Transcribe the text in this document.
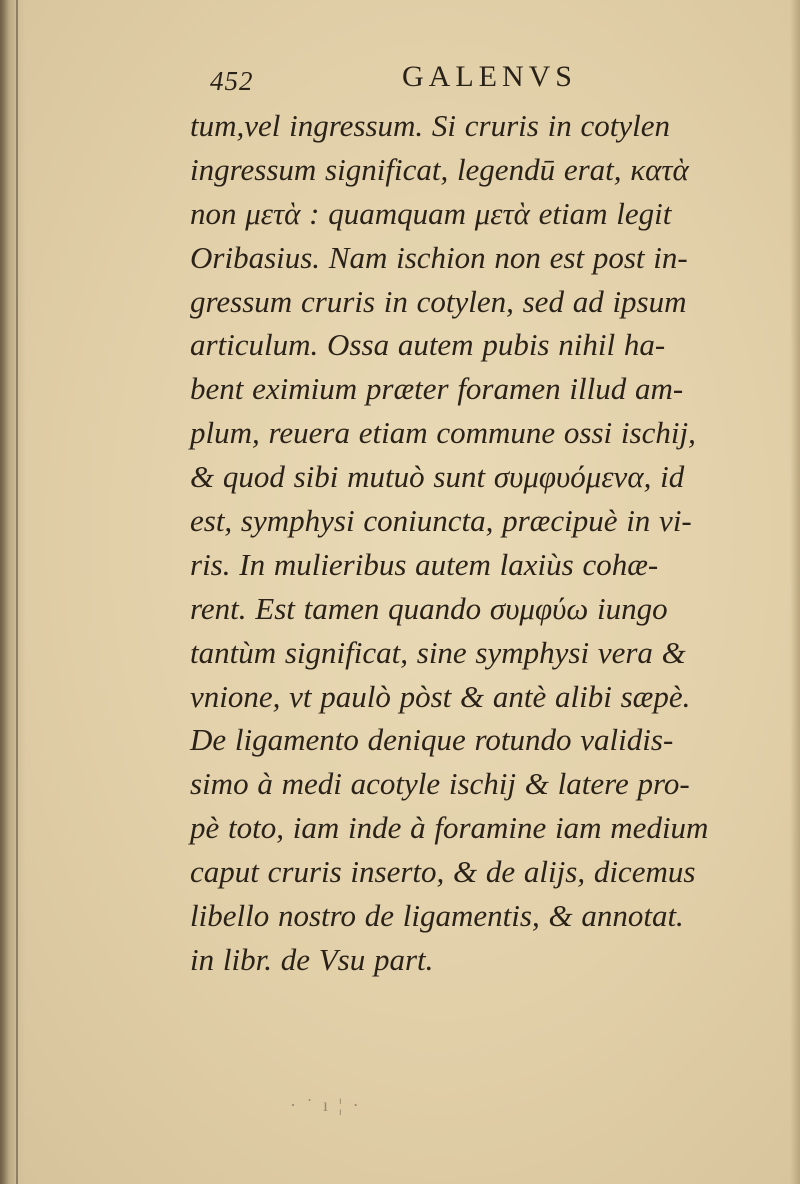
452	GALENVS
tum,vel ingressum. Si cruris in cotylen
ingressum significat, legendū erat, κατὰ
non μετὰ : quamquam μετὰ etiam legit
Oribasius. Nam ischion non est post in-
gressum cruris in cotylen, sed ad ipsum
articulum. Ossa autem pubis nihil ha-
bent eximium præter foramen illud am-
plum, reuera etiam commune ossi ischij,
& quod sibi mutuò sunt συμφυόμενα, id
est, symphysi coniuncta, præcipuè in vi-
ris. In mulieribus autem laxiùs cohæ-
rent. Est tamen quando συμφύω iungo
tantùm significat, sine symphysi vera &
vnione, vt paulò pòst & antè alibi sæpè.
De ligamento denique rotundo validis-
simo à medi acotyle ischij & latere pro-
pè toto, iam inde à foramine iam medium
caput cruris inserto, & de alijs, dicemus
libello nostro de ligamentis, & annotat.
in libr. de Vsu part.
· ˙ ı ¦ ·
